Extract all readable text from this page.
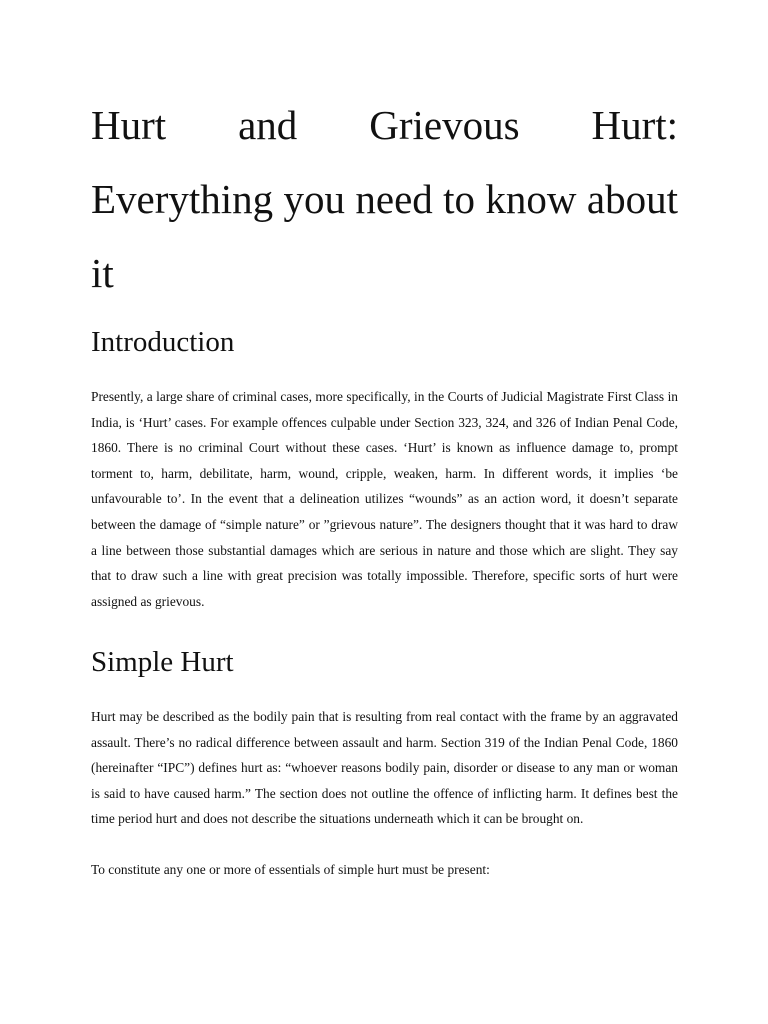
Hurt and Grievous Hurt: Everything you need to know about it
Introduction

Presently, a large share of criminal cases, more specifically, in the Courts of Judicial Magistrate First Class in India, is ‘Hurt’ cases. For example offences culpable under Section 323, 324, and 326 of Indian Penal Code, 1860. There is no criminal Court without these cases. ‘Hurt’ is known as influence damage to, prompt torment to, harm, debilitate, harm, wound, cripple, weaken, harm. In different words, it implies ‘be unfavourable to’. In the event that a delineation utilizes “wounds” as an action word, it doesn’t separate between the damage of “simple nature” or ”grievous nature”. The designers thought that it was hard to draw a line between those substantial damages which are serious in nature and those which are slight. They say that to draw such a line with great precision was totally impossible. Therefore, specific sorts of hurt were assigned as grievous.

Simple Hurt

Hurt may be described as the bodily pain that is resulting from real contact with the frame by an aggravated assault. There’s no radical difference between assault and harm. Section 319 of the Indian Penal Code, 1860 (hereinafter “IPC”) defines hurt as: “whoever reasons bodily pain, disorder or disease to any man or woman is said to have caused harm.” The section does not outline the offence of inflicting harm. It defines best the time period hurt and does not describe the situations underneath which it can be brought on.

To constitute any one or more of essentials of simple hurt must be present:
